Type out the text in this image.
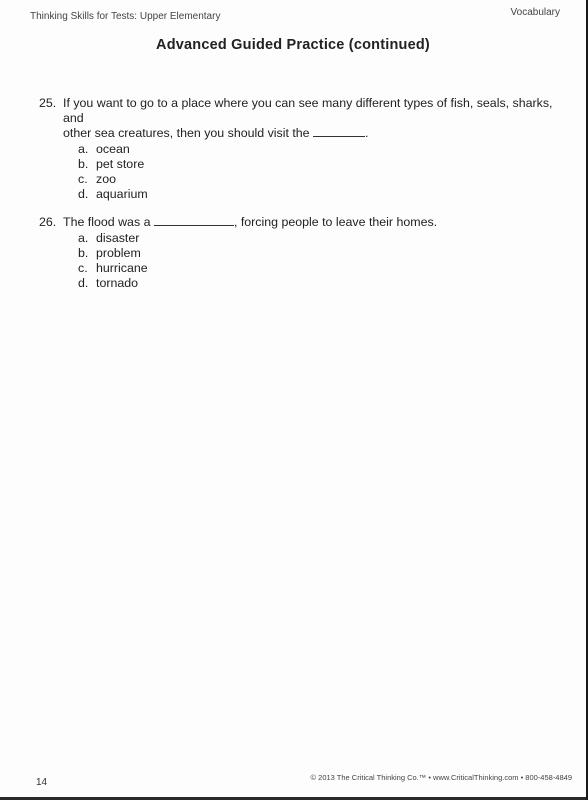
Thinking Skills for Tests: Upper Elementary	Vocabulary
Advanced Guided Practice (continued)
25. If you want to go to a place where you can see many different types of fish, seals, sharks, and
other sea creatures, then you should visit the	.
a. ocean
b. pet store
c. zoo
d. aquarium
26. The flood was a	, forcing people to leave their homes.
a. disaster
b. problem
c. hurricane
d. tornado
14	© 2013 The Critical Thinking Co.™ • www.CriticalThinking.com • 800-458-4849
